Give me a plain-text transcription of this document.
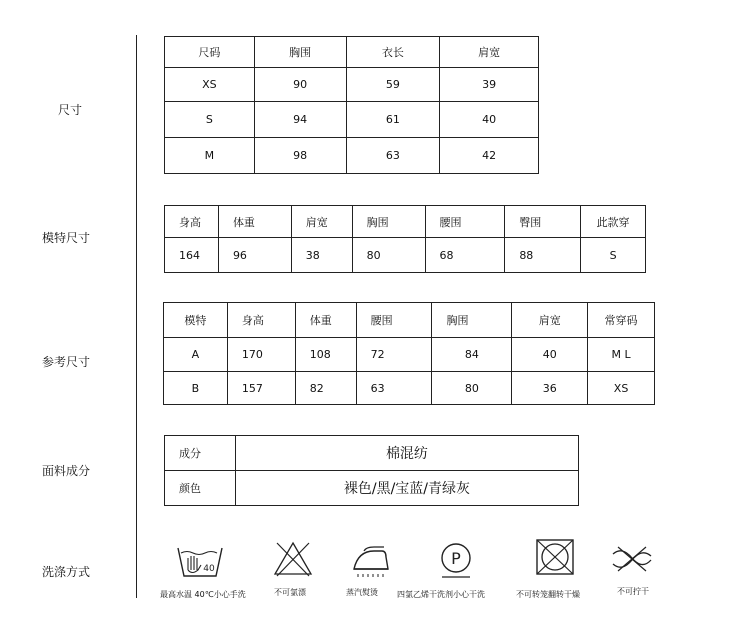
尺寸
模特尺寸
参考尺寸
面料成分
洗涤方式
尺码	胸围	衣长	肩宽
XS	90	59	39
S	94	61	40
M	98	63	42
身高	体重	肩宽	胸围	腰围	臀围	此款穿
164	96	38	80	68	88	S
模特	身高	体重	腰围	胸围	肩宽	常穿码
A	170	108	72	84	40	M L
B	157	82	63	80	36	XS
成分	棉混纺
颜色	裸色/黑/宝蓝/青绿灰
40
P
最高水温 40℃小心手洗	不可氯漂	蒸汽熨烫 四氯乙烯干洗剂小心干洗	不可转笼翻转干燥	不可拧干
